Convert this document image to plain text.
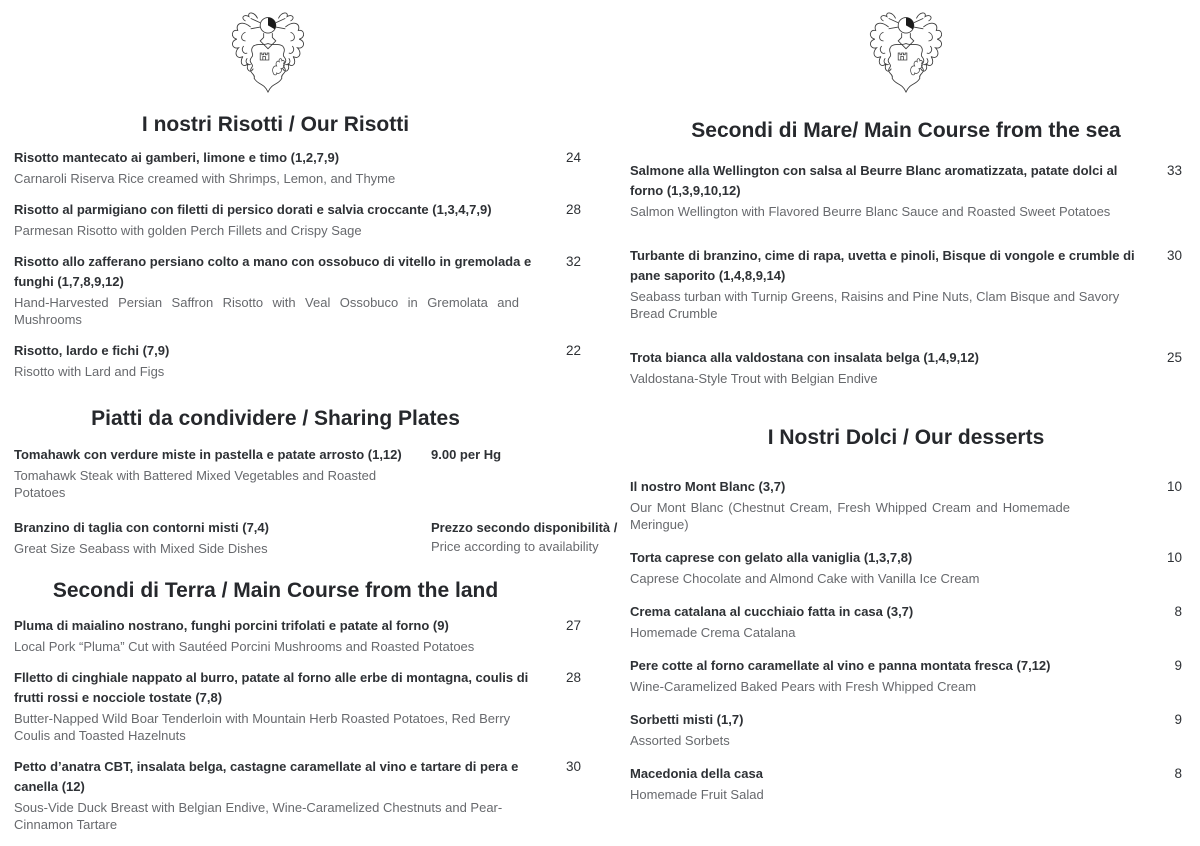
I nostri Risotti / Our Risotti
Risotto mantecato ai gamberi, limone e timo (1,2,7,9)
Carnaroli Riserva Rice creamed with Shrimps, Lemon, and Thyme
24
Risotto al parmigiano con filetti di persico dorati e salvia croccante (1,3,4,7,9)
Parmesan Risotto with golden Perch Fillets and Crispy Sage
28
Risotto allo zafferano persiano colto a mano con ossobuco di vitello in gremolada e funghi (1,7,8,9,12)
Hand-Harvested Persian Saffron Risotto with Veal Ossobuco in Gremolata and Mushrooms
32
Risotto, lardo e fichi (7,9)
Risotto with Lard and Figs
22
Piatti da condividere / Sharing Plates
Tomahawk con verdure miste in pastella e patate arrosto (1,12)
Tomahawk Steak with Battered Mixed Vegetables and Roasted Potatoes
9.00 per Hg
Branzino di taglia con contorni misti (7,4)
Great Size Seabass with Mixed Side Dishes
Prezzo secondo disponibilità /
Price according to availability
Secondi di Terra / Main Course from the land
Pluma di maialino nostrano, funghi porcini trifolati e patate al forno (9)
Local Pork “Pluma” Cut with Sautéed Porcini Mushrooms and Roasted Potatoes
27
Flletto di cinghiale nappato al burro, patate al forno alle erbe di montagna, coulis di frutti rossi e nocciole tostate (7,8)
Butter-Napped Wild Boar Tenderloin with Mountain Herb Roasted Potatoes, Red Berry Coulis and Toasted Hazelnuts
28
Petto d’anatra CBT, insalata belga, castagne caramellate al vino e tartare di pera e canella (12)
Sous-Vide Duck Breast with Belgian Endive, Wine-Caramelized Chestnuts and Pear-Cinnamon Tartare
30
Secondi di Mare/ Main Course from the sea
Salmone alla Wellington con salsa al Beurre Blanc aromatizzata, patate dolci al forno (1,3,9,10,12)
Salmon Wellington with Flavored Beurre Blanc Sauce and Roasted Sweet Potatoes
33
Turbante di branzino, cime di rapa, uvetta e pinoli, Bisque di vongole e crumble di pane saporito (1,4,8,9,14)
Seabass turban with Turnip Greens, Raisins and Pine Nuts, Clam Bisque and Savory Bread Crumble
30
Trota bianca alla valdostana con insalata belga (1,4,9,12)
Valdostana-Style Trout with Belgian Endive
25
I Nostri Dolci / Our desserts
Il nostro Mont Blanc (3,7)
Our Mont Blanc (Chestnut Cream, Fresh Whipped Cream and Homemade Meringue)
10
Torta caprese con gelato alla vaniglia (1,3,7,8)
Caprese Chocolate and Almond Cake with Vanilla Ice Cream
10
Crema catalana al cucchiaio fatta in casa (3,7)
Homemade Crema Catalana
8
Pere cotte al forno caramellate al vino e panna montata fresca (7,12)
Wine-Caramelized Baked Pears with Fresh Whipped Cream
9
Sorbetti misti (1,7)
Assorted Sorbets
9
Macedonia della casa
Homemade Fruit Salad
8
